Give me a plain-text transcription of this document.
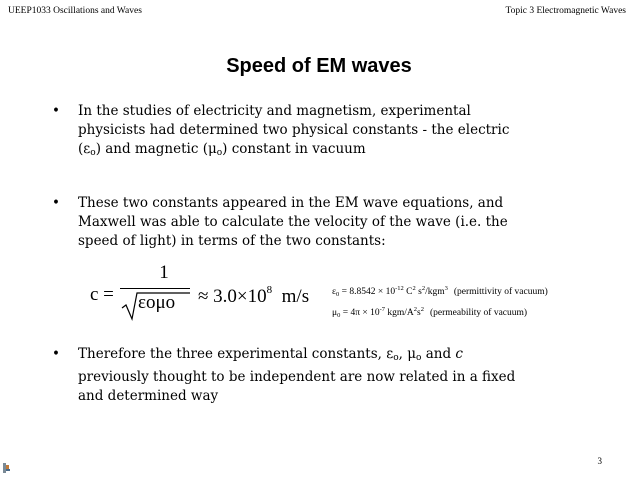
UEEP1033 Oscillations and Waves	Topic 3 Electromagnetic Waves
Speed of EM waves
• In the studies of electricity and magnetism, experimental
physicists had determined two physical constants - the electric
$(\varepsilon_o)$ and magnetic $(\mu_o)$ constant in vacuum
• These two constants appeared in the EM wave equations, and
Maxwell was able to calculate the velocity of the wave (i.e. the
speed of light) in terms of the two constants:
c =
1
$\varepsilon o\mu o \approx 3.0\times 10^8$ m/s $\varepsilon_0 = 8.8542 \times 10^{-12}$ $C^2$ $s^2/kgm^3$ (permittivity of vacuum)
$\mu_0 = 4\pi \times 10^{-7}$ kgm/$A^2s^2$ (permeability of vacuum)
• Therefore the three experimental constants, $\varepsilon_o$, $\mu_o$ and c
previously thought to be independent are now related in a fixed
and determined way
3
